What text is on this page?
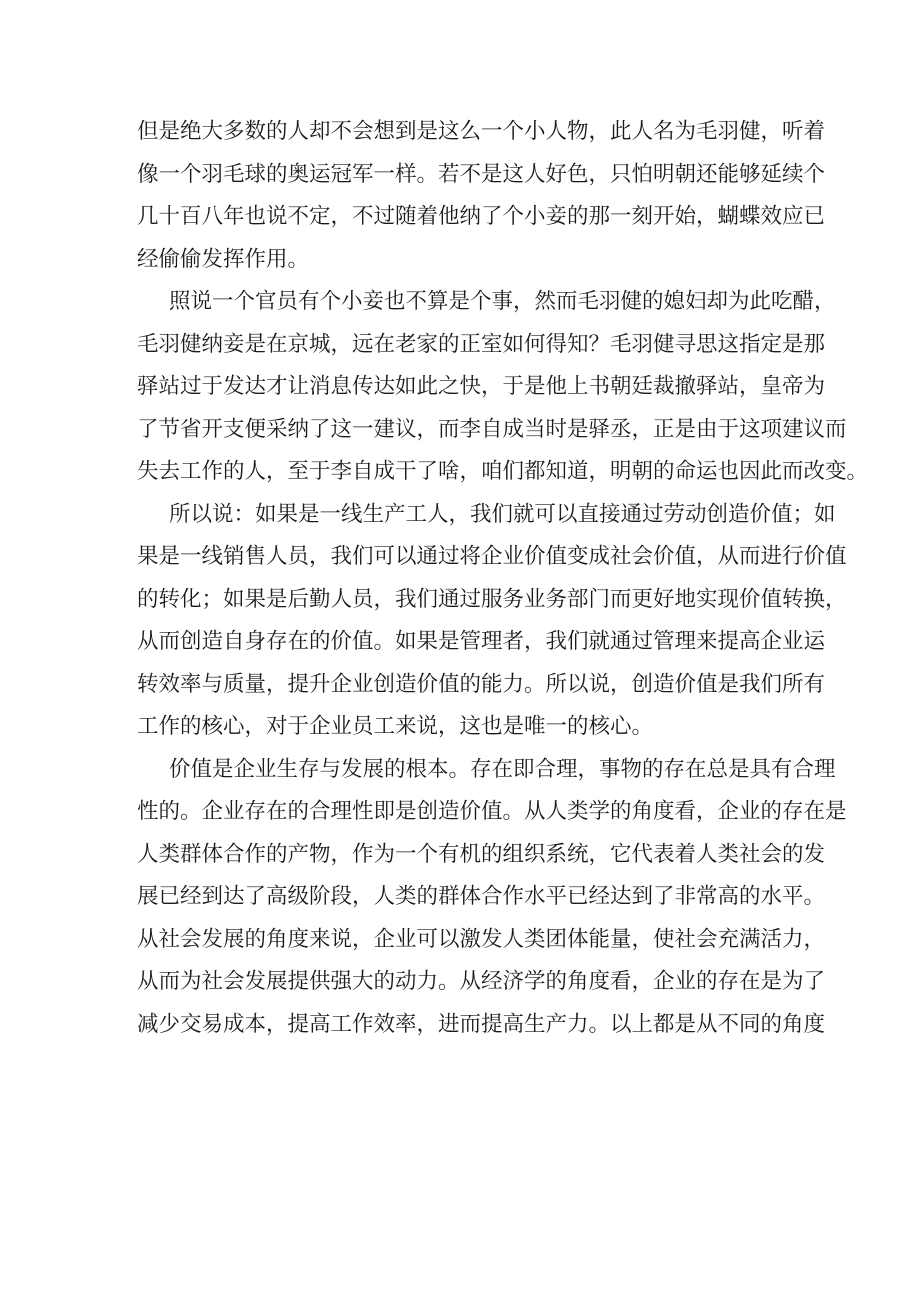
但是绝大多数的人却不会想到是这么一个小人物，此人名为毛羽健，听着
像一个羽毛球的奥运冠军一样。若不是这人好色，只怕明朝还能够延续个
几十百八年也说不定，不过随着他纳了个小妾的那一刻开始，蝴蝶效应已
经偷偷发挥作用。
照说一个官员有个小妾也不算是个事，然而毛羽健的媳妇却为此吃醋，
毛羽健纳妾是在京城，远在老家的正室如何得知？毛羽健寻思这指定是那
驿站过于发达才让消息传达如此之快，于是他上书朝廷裁撤驿站，皇帝为
了节省开支便采纳了这一建议，而李自成当时是驿丞，正是由于这项建议而
失去工作的人，至于李自成干了啥，咱们都知道，明朝的命运也因此而改变。
所以说：如果是一线生产工人，我们就可以直接通过劳动创造价值；如
果是一线销售人员，我们可以通过将企业价值变成社会价值，从而进行价值
的转化；如果是后勤人员，我们通过服务业务部门而更好地实现价值转换，
从而创造自身存在的价值。如果是管理者，我们就通过管理来提高企业运
转效率与质量，提升企业创造价值的能力。所以说，创造价值是我们所有
工作的核心，对于企业员工来说，这也是唯一的核心。
价值是企业生存与发展的根本。存在即合理，事物的存在总是具有合理
性的。企业存在的合理性即是创造价值。从人类学的角度看，企业的存在是
人类群体合作的产物，作为一个有机的组织系统，它代表着人类社会的发
展已经到达了高级阶段，人类的群体合作水平已经达到了非常高的水平。
从社会发展的角度来说，企业可以激发人类团体能量，使社会充满活力，
从而为社会发展提供强大的动力。从经济学的角度看，企业的存在是为了
减少交易成本，提高工作效率，进而提高生产力。以上都是从不同的角度
